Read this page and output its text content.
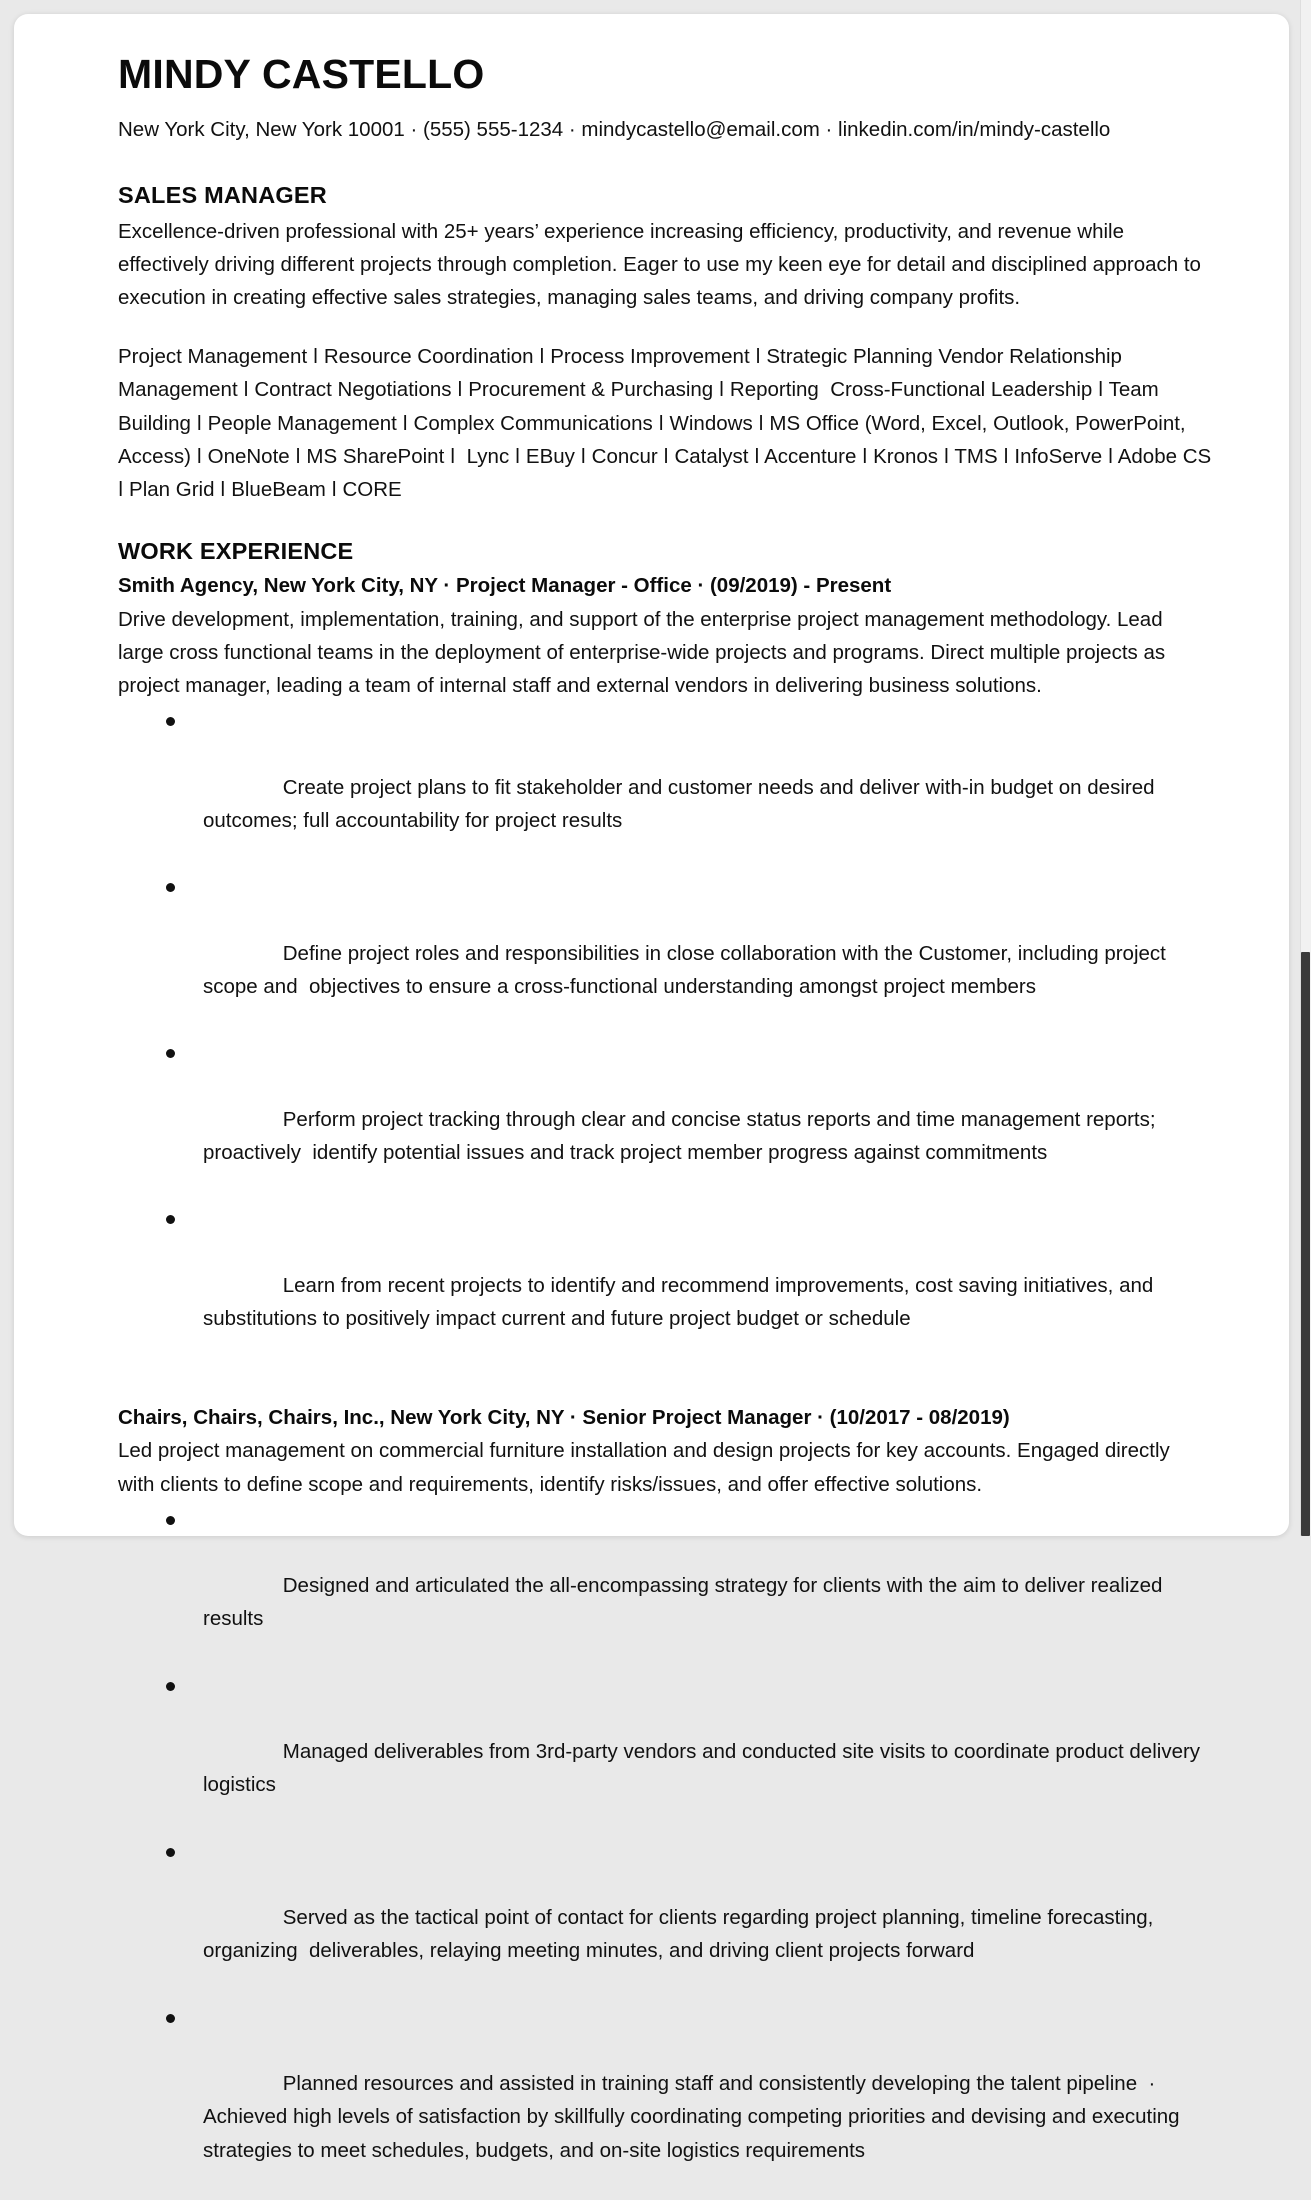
MINDY CASTELLO
New York City, New York 10001 · (555) 555-1234 · mindycastello@email.com · linkedin.com/in/mindy-castello
SALES MANAGER

Excellence-driven professional with 25+ years’ experience increasing efficiency, productivity, and revenue while effectively driving different projects through completion. Eager to use my keen eye for detail and disciplined approach to execution in creating effective sales strategies, managing sales teams, and driving company profits.

Project Management ǀ Resource Coordination ǀ Process Improvement ǀ Strategic Planning Vendor Relationship Management ǀ Contract Negotiations ǀ Procurement & Purchasing ǀ Reporting  Cross-Functional Leadership ǀ Team Building ǀ People Management ǀ Complex Communications ǀ Windows ǀ MS Office (Word, Excel, Outlook, PowerPoint, Access) ǀ OneNote ǀ MS SharePoint ǀ  Lync ǀ EBuy ǀ Concur ǀ Catalyst ǀ Accenture ǀ Kronos ǀ TMS ǀ InfoServe ǀ Adobe CS ǀ Plan Grid ǀ BlueBeam ǀ CORE

WORK EXPERIENCE
Smith Agency, New York City, NY · Project Manager - Office · (09/2019) - Present

Drive development, implementation, training, and support of the enterprise project management methodology. Lead  large cross functional teams in the deployment of enterprise-wide projects and programs. Direct multiple projects as  project manager, leading a team of internal staff and external vendors in delivering business solutions.

Create project plans to fit stakeholder and customer needs and deliver with-in budget on desired outcomes; full accountability for project results

Define project roles and responsibilities in close collaboration with the Customer, including project scope and  objectives to ensure a cross-functional understanding amongst project members

Perform project tracking through clear and concise status reports and time management reports; proactively  identify potential issues and track project member progress against commitments

Learn from recent projects to identify and recommend improvements, cost saving initiatives, and substitutions to positively impact current and future project budget or schedule

Chairs, Chairs, Chairs, Inc., New York City, NY · Senior Project Manager · (10/2017 - 08/2019)

Led project management on commercial furniture installation and design projects for key accounts. Engaged directly  with clients to define scope and requirements, identify risks/issues, and offer effective solutions.

Designed and articulated the all-encompassing strategy for clients with the aim to deliver realized results

Managed deliverables from 3rd-party vendors and conducted site visits to coordinate product delivery logistics

Served as the tactical point of contact for clients regarding project planning, timeline forecasting, organizing  deliverables, relaying meeting minutes, and driving client projects forward

Planned resources and assisted in training staff and consistently developing the talent pipeline  · Achieved high levels of satisfaction by skillfully coordinating competing priorities and devising and executing  strategies to meet schedules, budgets, and on-site logistics requirements
